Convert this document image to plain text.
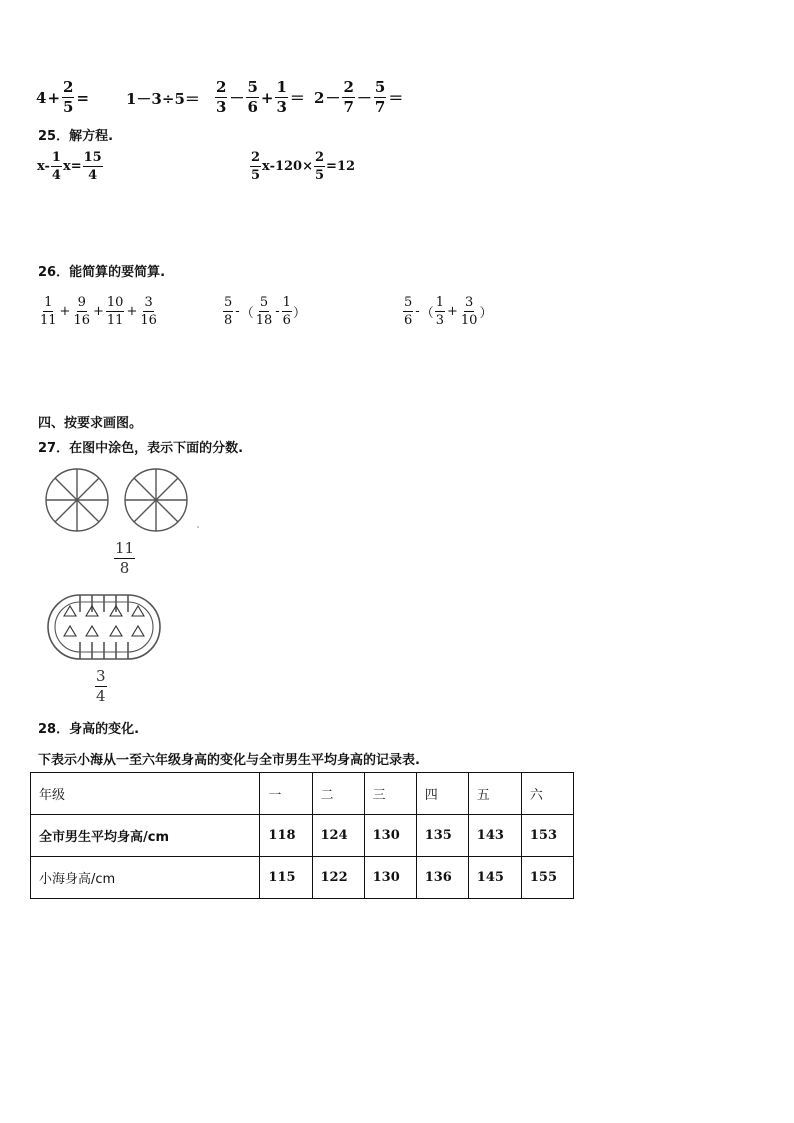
$4 + \frac{2}{5} = 1-3\div 5= \frac{2}{3} - \frac{5}{6} + \frac{1}{3} = 2 - \frac{2}{7} - \frac{5}{7}$ ＝
25．解方程.
$x- \frac{1}{4} x= \frac{15}{4}$	$\frac{2}{5} x-120\times \frac{2}{5} =12$
26．能简算的要简算.
$\frac{1}{11} + \frac{9}{16} + \frac{10}{11} + \frac{3}{16}$	$\frac{5}{8}$ - （ $\frac{5}{18} - \frac{1}{6}$ ）	$\frac{5}{6}$ - （ $\frac{1}{3} + \frac{3}{10}$ ）
四、按要求画图。
27．在图中涂色，表示下面的分数.
$\frac{11}{8}$
$\frac{3}{4}$
28．身高的变化.
下表示小海从一至六年级身高的变化与全市男生平均身高的记录表.
年级	一	二	三	四	五	六
全市男生平均身高/cm	118	124	130	135	143	153
小海身高/cm	115	122	130	136	145	155
